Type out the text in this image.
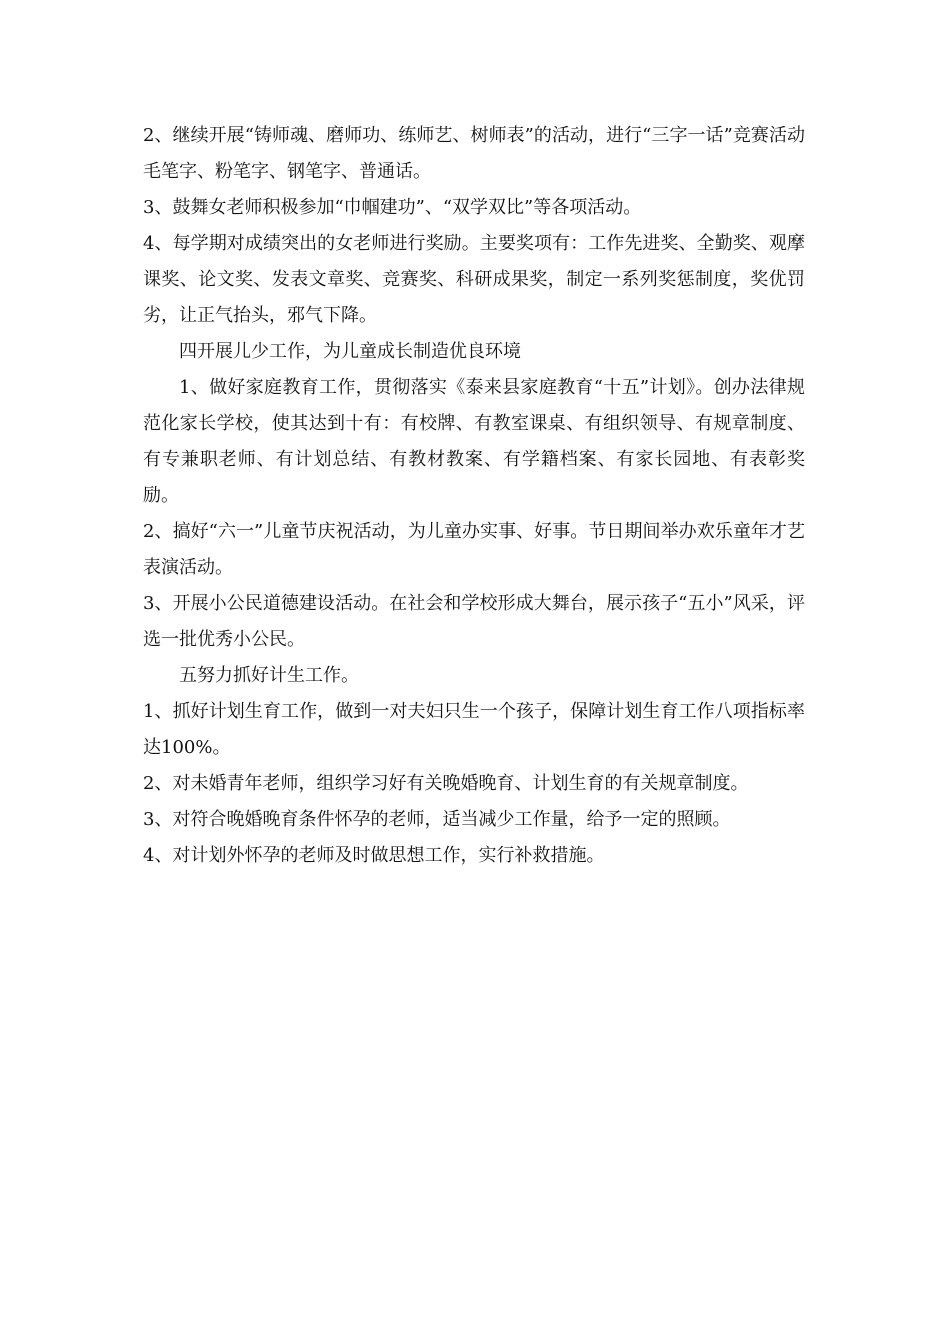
2、继续开展“铸师魂、磨师功、练师艺、树师表”的活动，进行“三字一话”竞赛活动毛笔字、粉笔字、钢笔字、普通话。

3、鼓舞女老师积极参加“巾帼建功”、“双学双比”等各项活动。

4、每学期对成绩突出的女老师进行奖励。主要奖项有：工作先进奖、全勤奖、观摩课奖、论文奖、发表文章奖、竞赛奖、科研成果奖，制定一系列奖惩制度，奖优罚劣，让正气抬头，邪气下降。

四开展儿少工作，为儿童成长制造优良环境

1、做好家庭教育工作，贯彻落实《泰来县家庭教育“十五”计划》。创办法律规范化家长学校，使其达到十有：有校牌、有教室课桌、有组织领导、有规章制度、有专兼职老师、有计划总结、有教材教案、有学籍档案、有家长园地、有表彰奖励。

2、搞好“六一”儿童节庆祝活动，为儿童办实事、好事。节日期间举办欢乐童年才艺表演活动。

3、开展小公民道德建设活动。在社会和学校形成大舞台，展示孩子“五小”风采，评选一批优秀小公民。

五努力抓好计生工作。

1、抓好计划生育工作，做到一对夫妇只生一个孩子，保障计划生育工作八项指标率达100%。

2、对未婚青年老师，组织学习好有关晚婚晚育、计划生育的有关规章制度。

3、对符合晚婚晚育条件怀孕的老师，适当减少工作量，给予一定的照顾。

4、对计划外怀孕的老师及时做思想工作，实行补救措施。
